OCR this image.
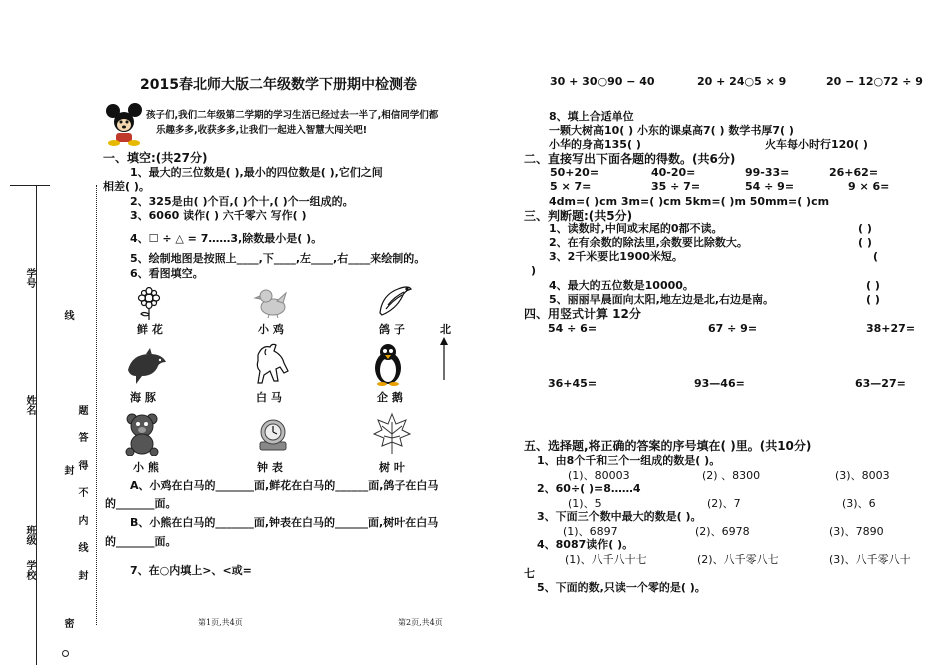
学号
线
姓名	题
答
封 得
不
内
班级
线
学校	封
密
2015春北师大版二年级数学下册期中检测卷
孩子们,我们二年级第二学期的学习生活已经过去一半了,相信同学们都
乐趣多多,收获多多,让我们一起进入智慧大闯关吧!
一、填空:(共27分)
1、最大的三位数是( ),最小的四位数是( ),它们之间
相差( )。
2、325是由( )个百,( )个十,( )个一组成的。
3、6060 读作( ) 六千零六 写作( )
4、☐ ÷ △ = 7……3,除数最小是( )。
5、绘制地图是按照上____,下____,左____,右____来绘制的。
6、看图填空。
鲜 花	小 鸡	鸽 子	北
海 豚	白 马	企 鹅
小 熊	钟 表	树 叶
A、小鸡在白马的_______面,鲜花在白马的______面,鸽子在白马
的_______面。
B、小熊在白马的_______面,钟表在白马的______面,树叶在白马
的_______面。
7、在○内填上>、<或=
第1页,共4页	第2页,共4页
30 + 30○90 − 40	20 + 24○5 × 9	20 − 12○72 ÷ 9
8、填上合适单位
一颗大树高10( ) 小东的课桌高7( ) 数学书厚7( )
小华的身高135( )	火车每小时行120( )
二、直接写出下面各题的得数。(共6分)
50+20=	40-20=	99-33=	26+62=
5 × 7=	35 ÷ 7=	54 ÷ 9=	9 × 6=
4dm=( )cm 3m=( )cm 5km=( )m 50mm=( )cm
三、判断题:(共5分)
1、读数时,中间或末尾的0都不读。	( )
2、在有余数的除法里,余数要比除数大。	( )
3、2千米要比1900米短。	(
)
4、最大的五位数是10000。	( )
5、丽丽早晨面向太阳,地左边是北,右边是南。	( )
四、用竖式计算 12分
54 ÷ 6=	67 ÷ 9=	38+27=
36+45=	93—46=	63—27=
五、选择题,将正确的答案的序号填在( )里。(共10分)
1、由8个千和三个一组成的数是( )。
(1)、80003	(2) 、8300	(3)、8003
2、60÷( )=8……4
(1)、5	(2)、7	(3)、6
3、下面三个数中最大的数是( )。
(1)、6897	(2)、6978	(3)、7890
4、8087读作( )。
(1)、八千八十七	(2)、八千零八七	(3)、八千零八十
七
5、下面的数,只读一个零的是( )。
